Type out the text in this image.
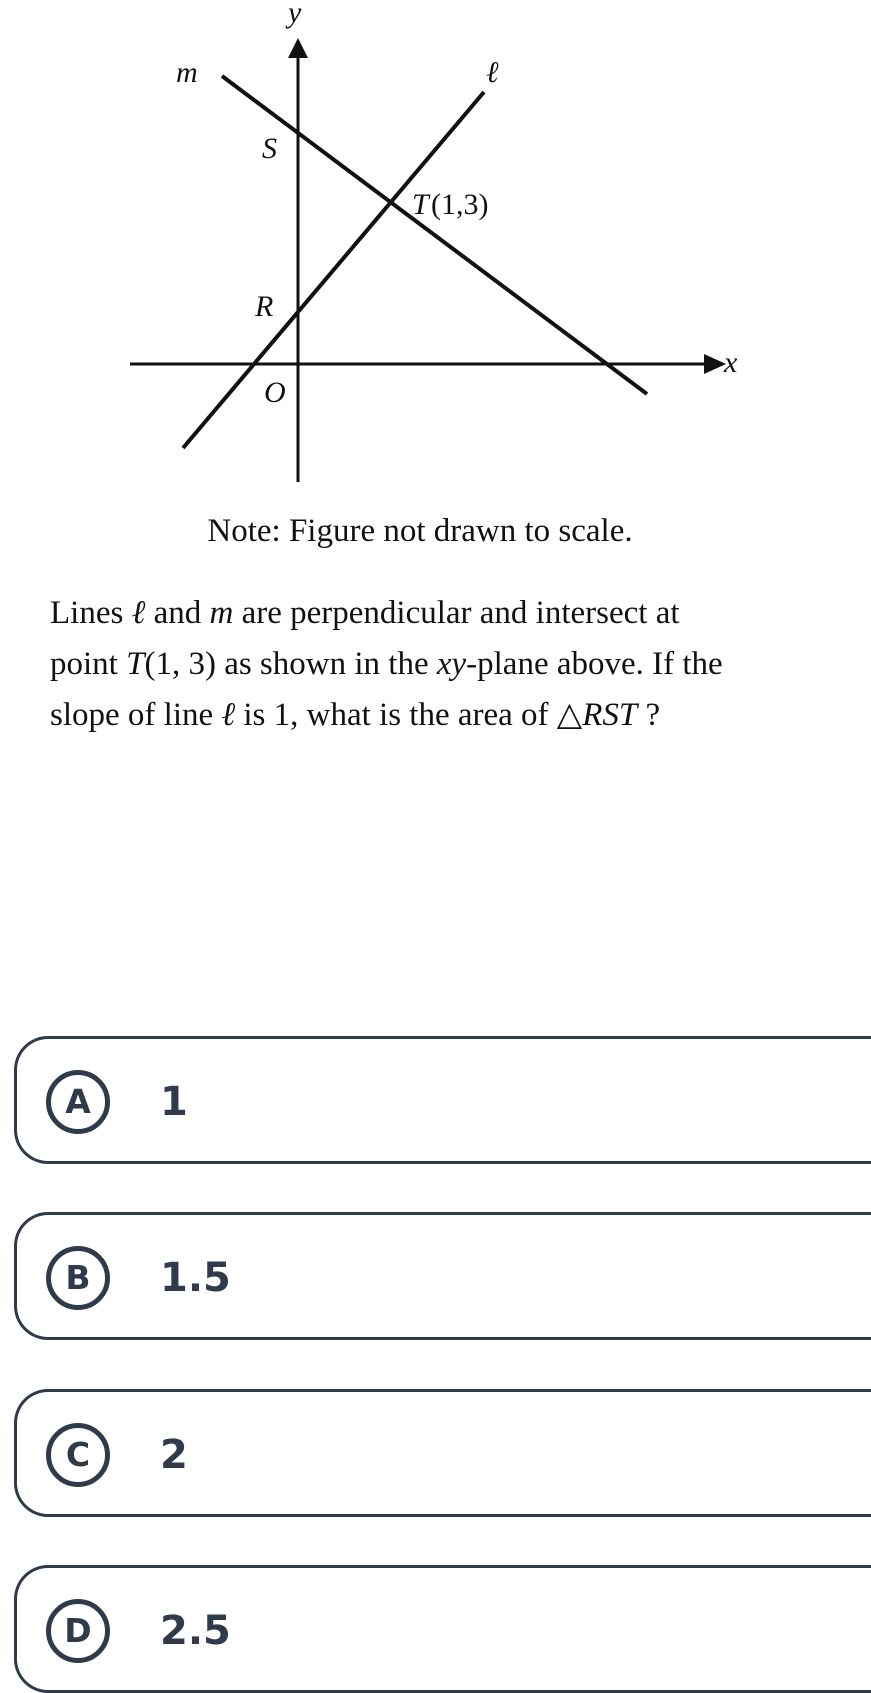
y
x
m	ℓ
S
R
O
T (1,3)
Note: Figure not drawn to scale.
Lines ℓ and m are perpendicular and intersect at
point T(1, 3) as shown in the xy-plane above. If the
slope of line ℓ is 1, what is the area of △RST ?
A	1
B	1.5
C	2
D	2.5
